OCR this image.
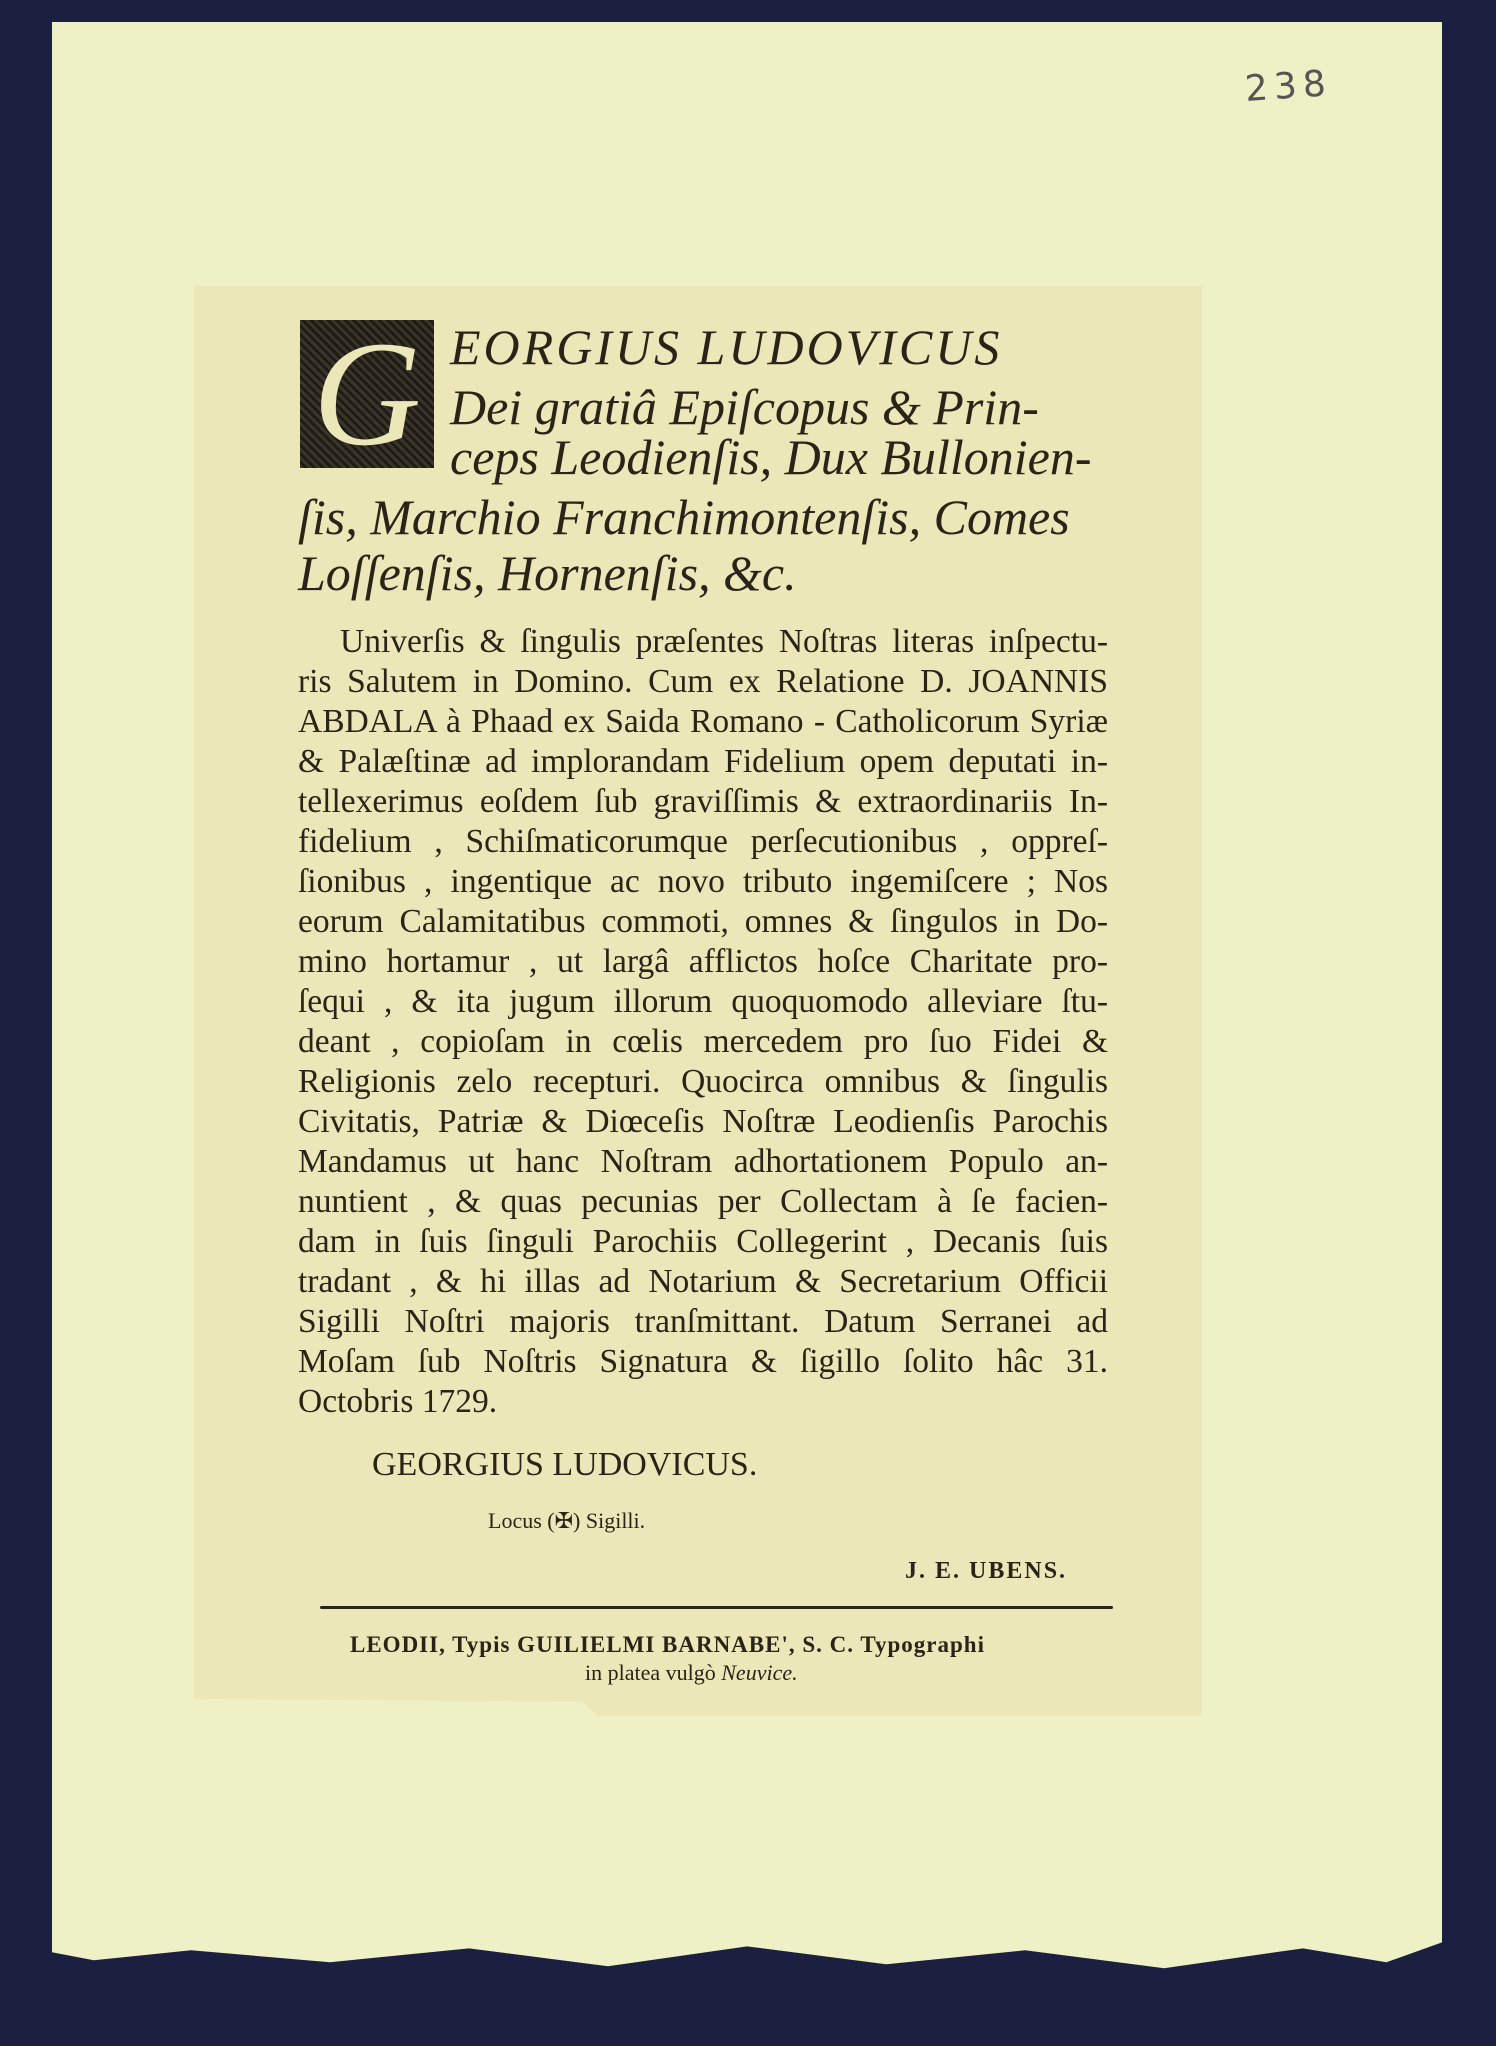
238
G EORGIUS LUDOVICUS
Dei gratiâ Epiſcopus & Prin-
ceps Leodienſis, Dux Bullonien-
ſis, Marchio Franchimontenſis, Comes
Loſſenſis, Hornenſis, &c.
Univerſis & ſingulis præſentes Noſtras literas inſpectu-
ris Salutem in Domino. Cum ex Relatione D. JOANNIS
ABDALA à Phaad ex Saida Romano - Catholicorum Syriæ
& Palæſtinæ ad implorandam Fidelium opem deputati in-
tellexerimus eoſdem ſub graviſſimis & extraordinariis In-
fidelium , Schiſmaticorumque perſecutionibus , oppreſ-
ſionibus , ingentique ac novo tributo ingemiſcere ; Nos
eorum Calamitatibus commoti, omnes & ſingulos in Do-
mino hortamur , ut largâ afflictos hoſce Charitate pro-
ſequi , & ita jugum illorum quoquomodo alleviare ſtu-
deant , copioſam in cœlis mercedem pro ſuo Fidei &
Religionis zelo recepturi. Quocirca omnibus & ſingulis
Civitatis, Patriæ & Diœceſis Noſtræ Leodienſis Parochis
Mandamus ut hanc Noſtram adhortationem Populo an-
nuntient , & quas pecunias per Collectam à ſe facien-
dam in ſuis ſinguli Parochiis Collegerint , Decanis ſuis
tradant , & hi illas ad Notarium & Secretarium Officii
Sigilli Noſtri majoris tranſmittant. Datum Serranei ad
Moſam ſub Noſtris Signatura & ſigillo ſolito hâc 31.
Octobris 1729.
GEORGIUS LUDOVICUS.
Locus (✠) Sigilli.
J. E. UBENS.
LEODII, Typis GUILIELMI BARNABE', S. C. Typographi
in platea vulgò Neuvice.
